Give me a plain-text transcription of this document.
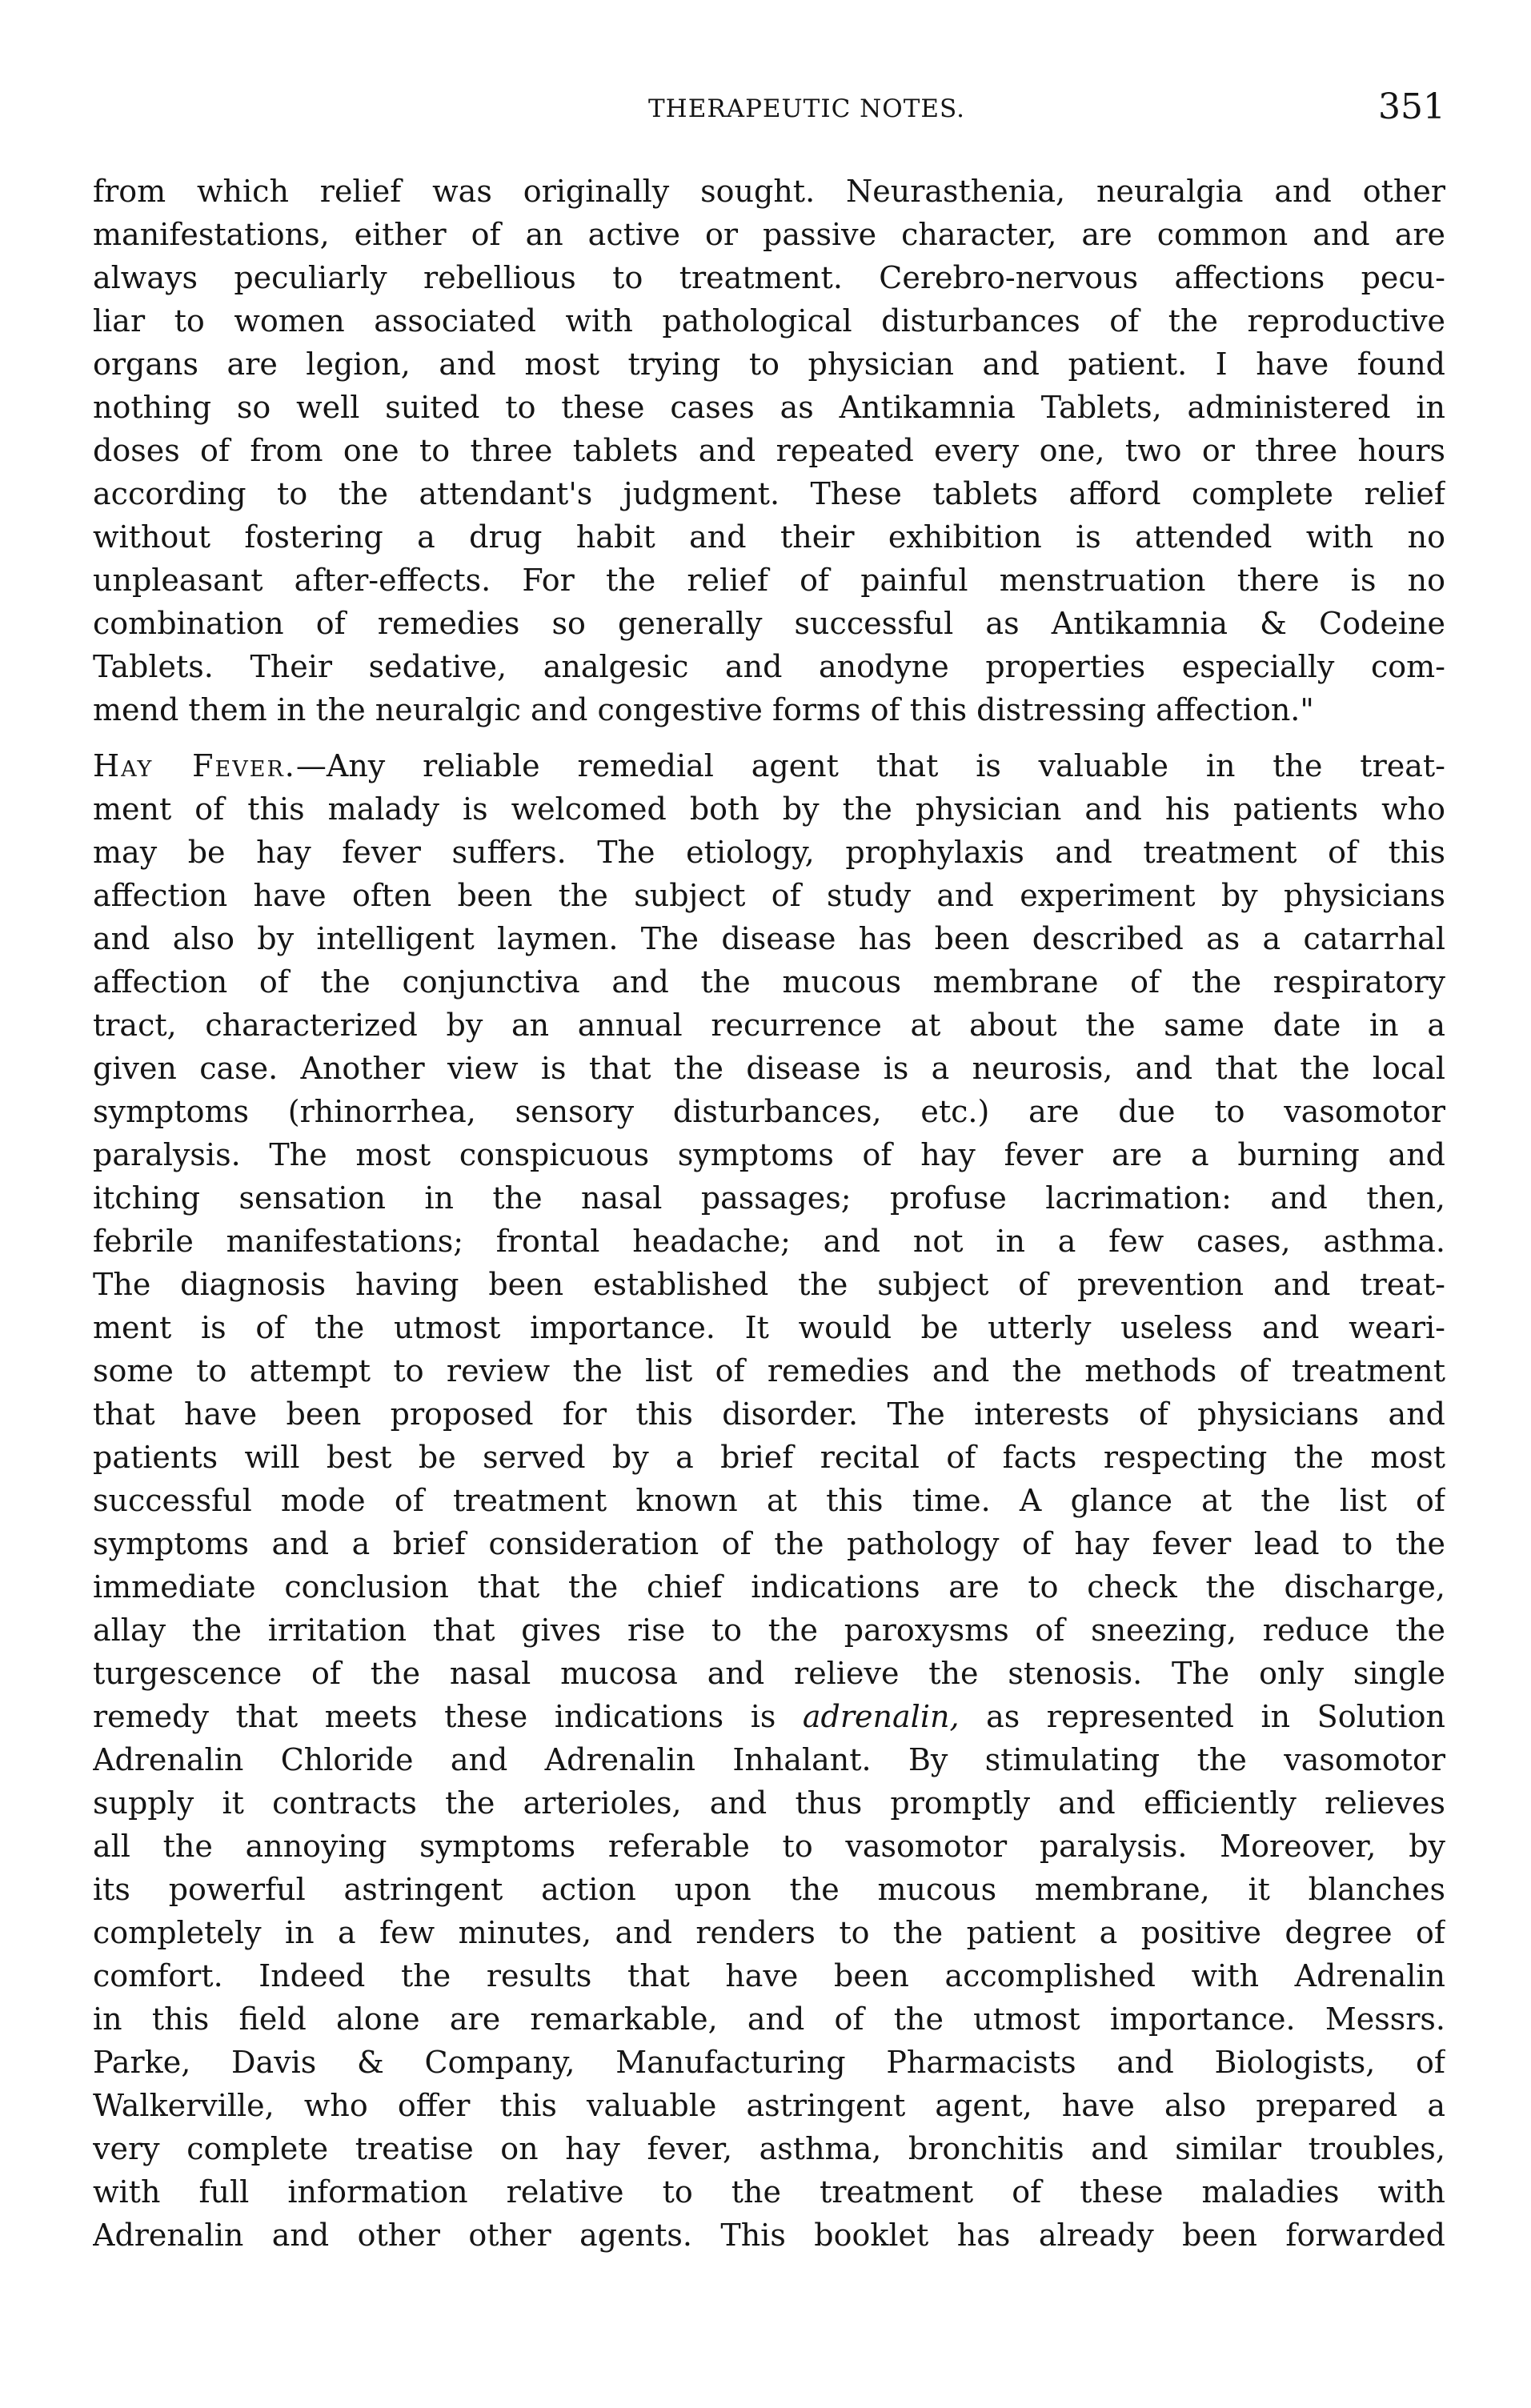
THERAPEUTIC NOTES.	351
from which relief was originally sought. Neurasthenia, neuralgia and other
manifestations, either of an active or passive character, are common and are
always peculiarly rebellious to treatment. Cerebro-nervous affections pecu-
liar to women associated with pathological disturbances of the reproductive
organs are legion, and most trying to physician and patient. I have found
nothing so well suited to these cases as Antikamnia Tablets, administered in
doses of from one to three tablets and repeated every one, two or three hours
according to the attendant's judgment. These tablets afford complete relief
without fostering a drug habit and their exhibition is attended with no
unpleasant after-effects. For the relief of painful menstruation there is no
combination of remedies so generally successful as Antikamnia & Codeine
Tablets. Their sedative, analgesic and anodyne properties especially com-
mend them in the neuralgic and congestive forms of this distressing affection."
Hay Fever.—Any reliable remedial agent that is valuable in the treat-
ment of this malady is welcomed both by the physician and his patients who
may be hay fever suffers. The etiology, prophylaxis and treatment of this
affection have often been the subject of study and experiment by physicians
and also by intelligent laymen. The disease has been described as a catarrhal
affection of the conjunctiva and the mucous membrane of the respiratory
tract, characterized by an annual recurrence at about the same date in a
given case. Another view is that the disease is a neurosis, and that the local
symptoms (rhinorrhea, sensory disturbances, etc.) are due to vasomotor
paralysis. The most conspicuous symptoms of hay fever are a burning and
itching sensation in the nasal passages; profuse lacrimation: and then,
febrile manifestations; frontal headache; and not in a few cases, asthma.
The diagnosis having been established the subject of prevention and treat-
ment is of the utmost importance. It would be utterly useless and weari-
some to attempt to review the list of remedies and the methods of treatment
that have been proposed for this disorder. The interests of physicians and
patients will best be served by a brief recital of facts respecting the most
successful mode of treatment known at this time. A glance at the list of
symptoms and a brief consideration of the pathology of hay fever lead to the
immediate conclusion that the chief indications are to check the discharge,
allay the irritation that gives rise to the paroxysms of sneezing, reduce the
turgescence of the nasal mucosa and relieve the stenosis. The only single
remedy that meets these indications is adrenalin, as represented in Solution
Adrenalin Chloride and Adrenalin Inhalant. By stimulating the vasomotor
supply it contracts the arterioles, and thus promptly and efficiently relieves
all the annoying symptoms referable to vasomotor paralysis. Moreover, by
its powerful astringent action upon the mucous membrane, it blanches
completely in a few minutes, and renders to the patient a positive degree of
comfort. Indeed the results that have been accomplished with Adrenalin
in this field alone are remarkable, and of the utmost importance. Messrs.
Parke, Davis & Company, Manufacturing Pharmacists and Biologists, of
Walkerville, who offer this valuable astringent agent, have also prepared a
very complete treatise on hay fever, asthma, bronchitis and similar troubles,
with full information relative to the treatment of these maladies with
Adrenalin and other other agents. This booklet has already been forwarded
